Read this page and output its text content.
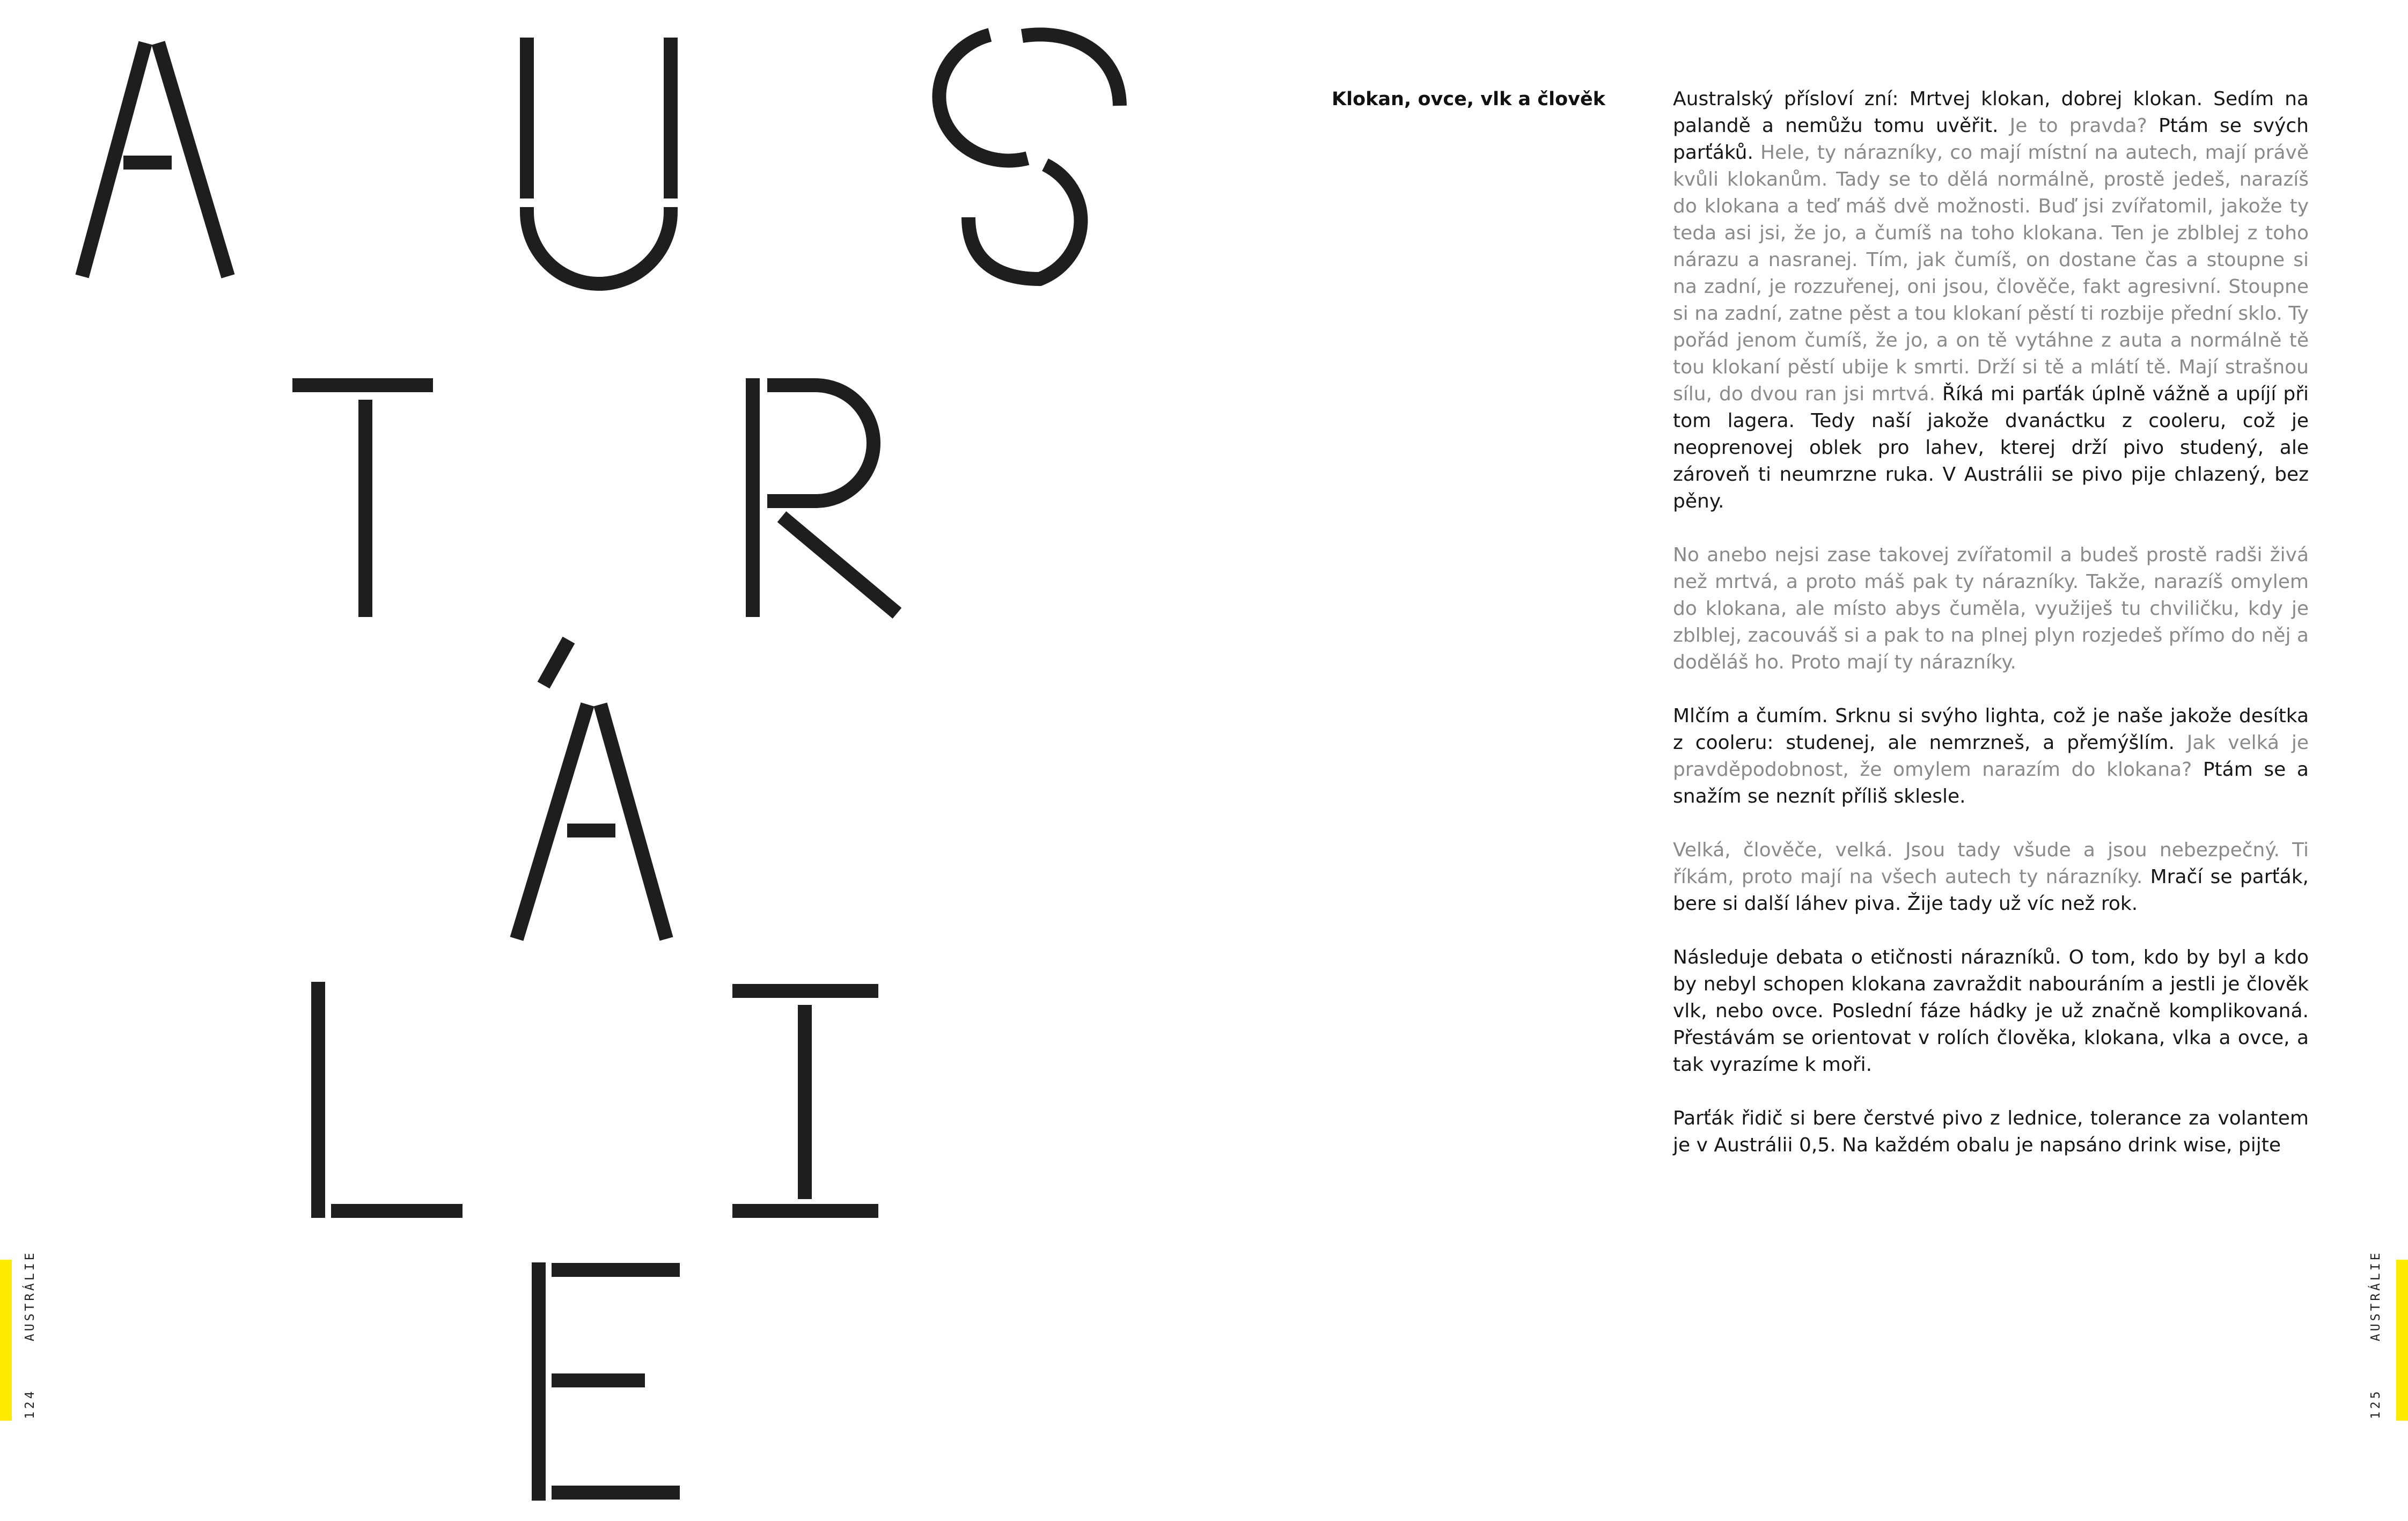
A	U	S
T	R
Á
L	I
E
AUSTRÁLIE
124
Klokan, ovce, vlk a člověk	Australský přísloví zní: Mrtvej klokan, dobrej klokan. Sedím na palandě a nemůžu tomu uvěřit. Je to pravda? Ptám se svých parťáků. Hele, ty nárazníky, co mají místní na autech, mají právě kvůli klokanům. Tady se to dělá normálně, prostě jedeš, narazíš do klokana a teď máš dvě možnosti. Buď jsi zvířatomil, jakože ty teda asi jsi, že jo, a čumíš na toho klokana. Ten je zblblej z toho nárazu a nasranej. Tím, jak čumíš, on dostane čas a stoupne si na zadní, je rozzuřenej, oni jsou, člověče, fakt agresivní. Stoupne si na zadní, zatne pěst a tou klokaní pěstí ti rozbije přední sklo. Ty pořád jenom čumíš, že jo, a on tě vytáhne z auta a normálně tě tou klokaní pěstí ubije k smrti. Drží si tě a mlátí tě. Mají strašnou sílu, do dvou ran jsi mrtvá. Říká mi parťák úplně vážně a upíjí při tom lagera. Tedy naší jakože dvanáctku z cooleru, což je neoprenovej oblek pro lahev, kterej drží pivo studený, ale zároveň ti neumrzne ruka. V Austrálii se pivo pije chlazený, bez pěny.

No anebo nejsi zase takovej zvířatomil a budeš prostě radši živá než mrtvá, a proto máš pak ty nárazníky. Takže, narazíš omylem do klokana, ale místo abys čuměla, využiješ tu chviličku, kdy je zblblej, zacouváš si a pak to na plnej plyn rozjedeš přímo do něj a doděláš ho. Proto mají ty nárazníky.

Mlčím a čumím. Srknu si svýho lighta, což je naše jakože desítka z cooleru: studenej, ale nemrzneš, a přemýšlím. Jak velká je pravděpodobnost, že omylem narazím do klokana? Ptám se a snažím se neznít příliš sklesle.

Velká, člověče, velká. Jsou tady všude a jsou nebezpečný. Ti říkám, proto mají na všech autech ty nárazníky. Mračí se parťák, bere si další láhev piva. Žije tady už víc než rok.

Následuje debata o etičnosti nárazníků. O tom, kdo by byl a kdo by nebyl schopen klokana zavraždit nabouráním a jestli je člověk vlk, nebo ovce. Poslední fáze hádky je už značně komplikovaná. Přestávám se orientovat v rolích člověka, klokana, vlka a ovce, a tak vyrazíme k moři.

Parťák řidič si bere čerstvé pivo z lednice, tolerance za volantem je v Austrálii 0,5. Na každém obalu je napsáno drink wise, pijte

AUSTRÁLIE
125
